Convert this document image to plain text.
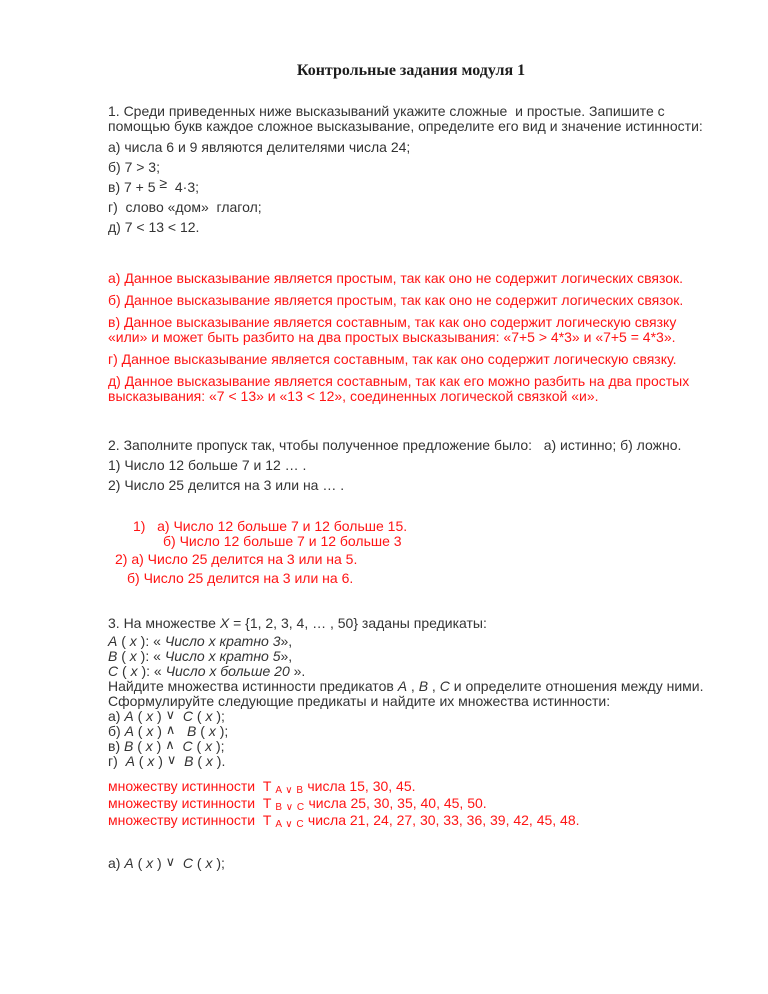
Контрольные задания модуля 1

1. Среди приведенных ниже высказываний укажите сложные  и простые. Запишите с помощью букв каждое сложное высказывание, определите его вид и значение истинности:

а) числа 6 и 9 являются делителями числа 24;

б) 7 > 3;

в) 7 + 5 ≥  4·3;

г)  слово «дом»  глагол;

д) 7 < 13 < 12.

а) Данное высказывание является простым, так как оно не содержит логических связок.

б) Данное высказывание является простым, так как оно не содержит логических связок.

в) Данное высказывание является составным, так как оно содержит логическую связку «или» и может быть разбито на два простых высказывания: «7+5 > 4*3» и «7+5 = 4*3».

г) Данное высказывание является составным, так как оно содержит логическую связку.

д) Данное высказывание является составным, так как его можно разбить на два простых высказывания: «7 < 13» и «13 < 12», соединенных логической связкой «и».

2. Заполните пропуск так, чтобы полученное предложение было:   а) истинно; б) ложно.

1) Число 12 больше 7 и 12 … .

2) Число 25 делится на 3 или на … .

1)   а) Число 12 больше 7 и 12 больше 15.

б) Число 12 больше 7 и 12 больше 3

2) а) Число 25 делится на 3 или на 5.

б) Число 25 делится на 3 или на 6.

3. На множестве X = {1, 2, 3, 4, … , 50} заданы предикаты:

A ( x ): « Число x кратно 3»,

B ( x ): « Число x кратно 5»,

C ( x ): « Число x больше 20 ».

Найдите множества истинности предикатов A , B , C и определите отношения между ними.

Сформулируйте следующие предикаты и найдите их множества истинности:

а) A ( x ) ∨ C ( x );

б) A ( x ) ∧ B ( x );

в) B ( x ) ∧ C ( x );

г)  A ( x ) ∨ B ( x ).

множеству истинности  Т A ∨ B числа 15, 30, 45.

множеству истинности  Т B ∨ C числа 25, 30, 35, 40, 45, 50.

множеству истинности  Т A ∨ C числа 21, 24, 27, 30, 33, 36, 39, 42, 45, 48.

а) A ( x ) ∨ C ( x );
